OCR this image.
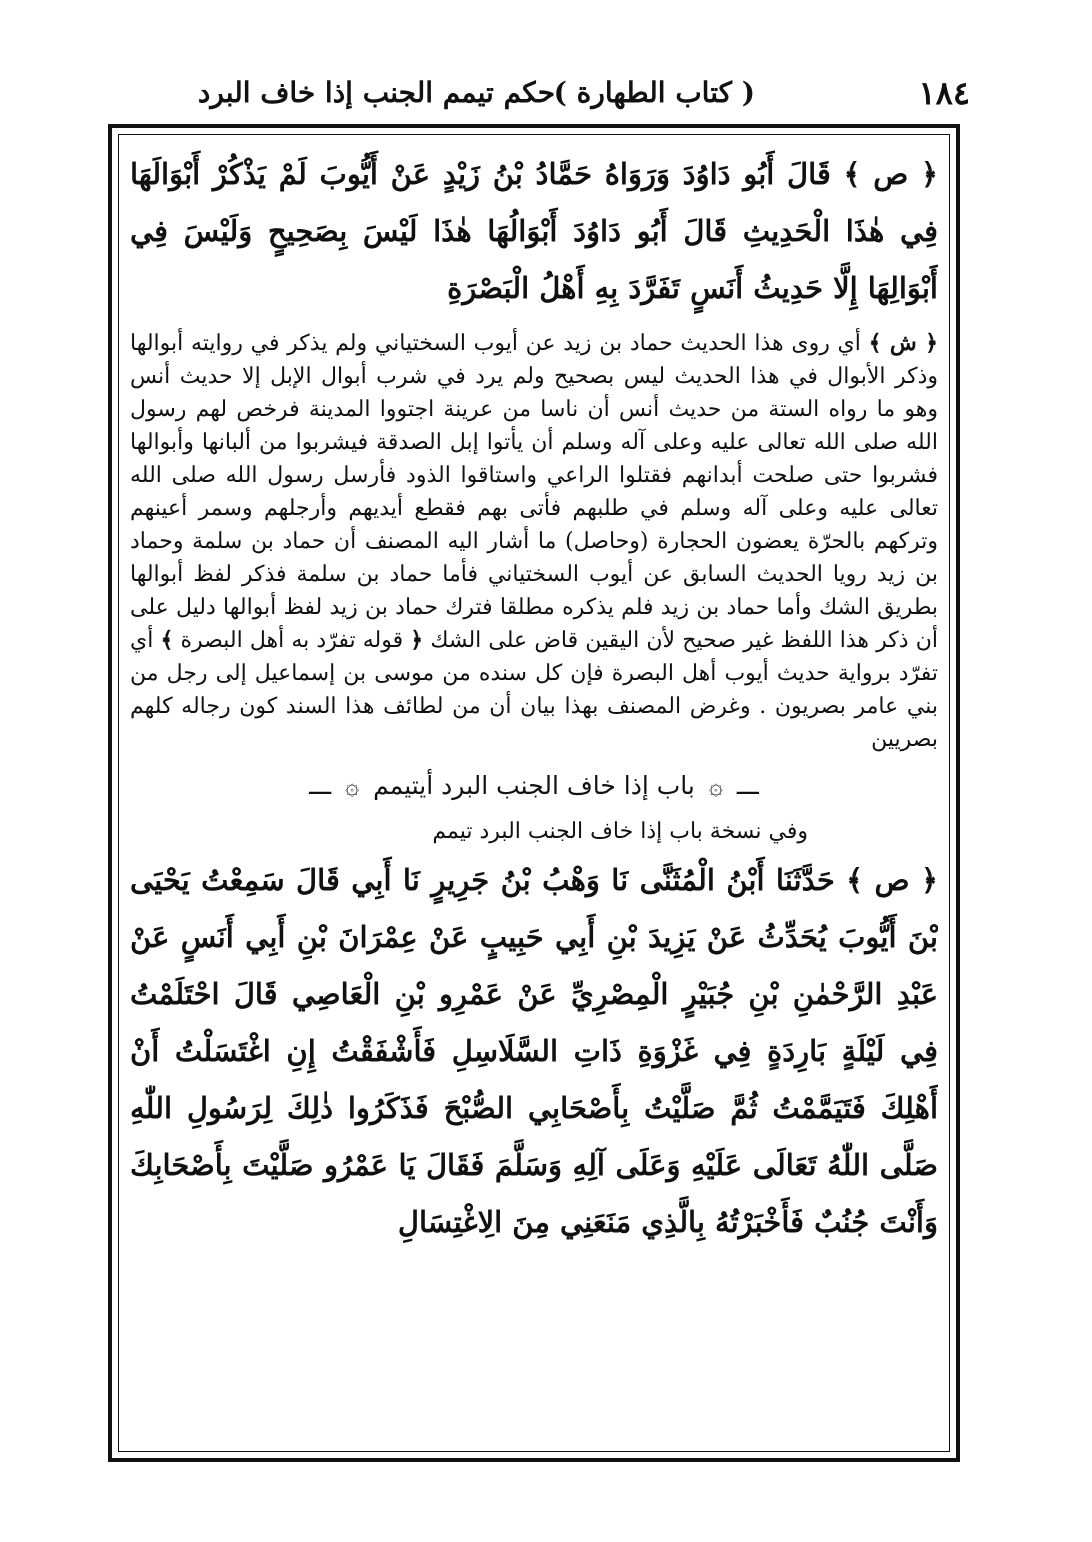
١٨٤
( كتاب الطهارة )
حكم تيمم الجنب إذا خاف البرد
﴿ ص ﴾ قَالَ أَبُو دَاوُدَ وَرَوَاهُ حَمَّادُ بْنُ زَيْدٍ عَنْ أَيُّوبَ لَمْ يَذْكُرْ أَبْوَالَهَا فِي هٰذَا الْحَدِيثِ قَالَ أَبُو دَاوُدَ أَبْوَالُهَا هٰذَا لَيْسَ بِصَحِيحٍ وَلَيْسَ فِي أَبْوَالِهَا إِلَّا حَدِيثُ أَنَسٍ تَفَرَّدَ بِهِ أَهْلُ الْبَصْرَةِ
﴿ ش ﴾ أي روى هذا الحديث حماد بن زيد عن أيوب السختياني ولم يذكر في روايته أبوالها وذكر الأبوال في هذا الحديث ليس بصحيح ولم يرد في شرب أبوال الإبل إلا حديث أنس وهو ما رواه الستة من حديث أنس أن ناسا من عرينة اجتووا المدينة فرخص لهم رسول الله صلى الله تعالى عليه وعلى آله وسلم أن يأتوا إبل الصدقة فيشربوا من ألبانها وأبوالها فشربوا حتى صلحت أبدانهم فقتلوا الراعي واستاقوا الذود فأرسل رسول الله صلى الله تعالى عليه وعلى آله وسلم في طلبهم فأتى بهم فقطع أيديهم وأرجلهم وسمر أعينهم وتركهم بالحرّة يعضون الحجارة (وحاصل) ما أشار اليه المصنف أن حماد بن سلمة وحماد بن زيد رويا الحديث السابق عن أيوب السختياني فأما حماد بن سلمة فذكر لفظ أبوالها بطريق الشك وأما حماد بن زيد فلم يذكره مطلقا فترك حماد بن زيد لفظ أبوالها دليل على أن ذكر هذا اللفظ غير صحيح لأن اليقين قاض على الشك ﴿ قوله تفرّد به أهل البصرة ﴾ أي تفرّد برواية حديث أيوب أهل البصرة فإن كل سنده من موسى بن إسماعيل إلى رجل من بني عامر بصريون . وغرض المصنف بهذا بيان أن من لطائف هذا السند كون رجاله كلهم بصريين
ـــ ۞ باب إذا خاف الجنب البرد أيتيمم ۞ ـــ
وفي نسخة باب إذا خاف الجنب البرد تيمم
﴿ ص ﴾ حَدَّثَنَا أَبْنُ الْمُثَنَّى نَا وَهْبُ بْنُ جَرِيرٍ نَا أَبِي قَالَ سَمِعْتُ يَحْيَى بْنَ أَيُّوبَ يُحَدِّثُ عَنْ يَزِيدَ بْنِ أَبِي حَبِيبٍ عَنْ عِمْرَانَ بْنِ أَبِي أَنَسٍ عَنْ عَبْدِ الرَّحْمٰنِ بْنِ جُبَيْرٍ الْمِصْرِيِّ عَنْ عَمْرِو بْنِ الْعَاصِي قَالَ احْتَلَمْتُ فِي لَيْلَةٍ بَارِدَةٍ فِي غَزْوَةِ ذَاتِ السَّلَاسِلِ فَأَشْفَقْتُ إِنِ اغْتَسَلْتُ أَنْ أَهْلِكَ فَتَيَمَّمْتُ ثُمَّ صَلَّيْتُ بِأَصْحَابِي الصُّبْحَ فَذَكَرُوا ذٰلِكَ لِرَسُولِ اللّٰهِ صَلَّى اللّٰهُ تَعَالَى عَلَيْهِ وَعَلَى آلِهِ وَسَلَّمَ فَقَالَ يَا عَمْرُو صَلَّيْتَ بِأَصْحَابِكَ وَأَنْتَ جُنُبٌ فَأَخْبَرْتُهُ بِالَّذِي مَنَعَنِي مِنَ الِاغْتِسَالِ
